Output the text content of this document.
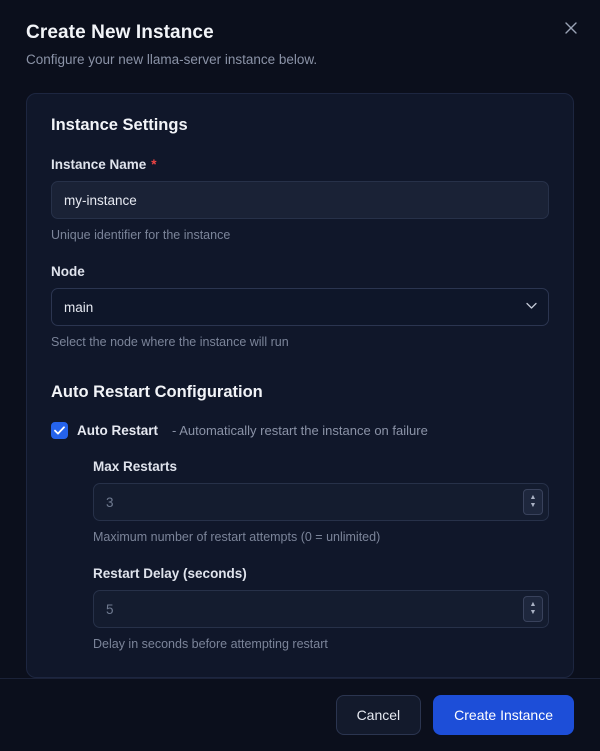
Create New Instance

Configure your new llama-server instance below.

Instance Settings
Instance Name *
my-instance

Unique identifier for the instance

Node
main

Select the node where the instance will run

Auto Restart Configuration
Auto Restart - Automatically restart the instance on failure
Max Restarts
3
▲
▼

Maximum number of restart attempts (0 = unlimited)

Restart Delay (seconds)
5
▲
▼

Delay in seconds before attempting restart

Cancel	Create Instance
